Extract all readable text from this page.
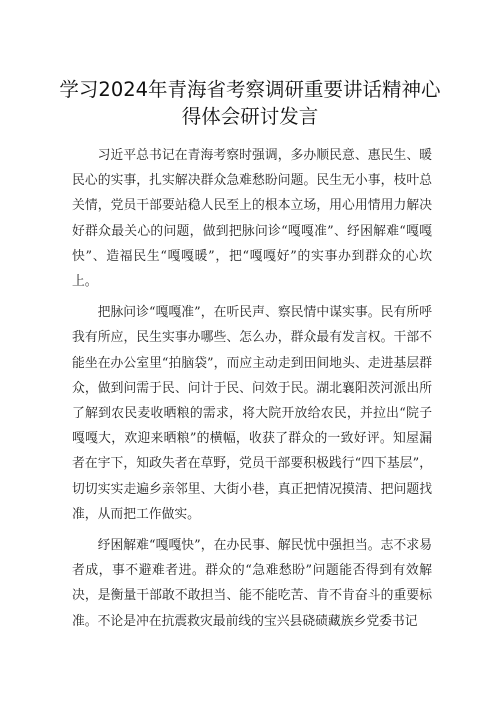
学习2024年青海省考察调研重要讲话精神心得体会研讨发言

习近平总书记在青海考察时强调，多办顺民意、惠民生、暖民心的实事，扎实解决群众急难愁盼问题。民生无小事，枝叶总关情，党员干部要站稳人民至上的根本立场，用心用情用力解决好群众最关心的问题，做到把脉问诊“嘎嘎准”、纾困解难“嘎嘎快”、造福民生“嘎嘎暖”，把“嘎嘎好”的实事办到群众的心坎上。

把脉问诊“嘎嘎准”，在听民声、察民情中谋实事。民有所呼我有所应，民生实事办哪些、怎么办，群众最有发言权。干部不能坐在办公室里“拍脑袋”，而应主动走到田间地头、走进基层群众，做到问需于民、问计于民、问效于民。湖北襄阳茨河派出所了解到农民麦收晒粮的需求，将大院开放给农民，并拉出“院子嘎嘎大，欢迎来晒粮”的横幅，收获了群众的一致好评。知屋漏者在宇下，知政失者在草野，党员干部要积极践行“四下基层”，切切实实走遍乡亲邻里、大街小巷，真正把情况摸清、把问题找准，从而把工作做实。

纾困解难“嘎嘎快”，在办民事、解民忧中强担当。志不求易者成，事不避难者进。群众的“急难愁盼”问题能否得到有效解决，是衡量干部敢不敢担当、能不能吃苦、肯不肯奋斗的重要标准。不论是冲在抗震救灾最前线的宝兴县硗碛藏族乡党委书记
